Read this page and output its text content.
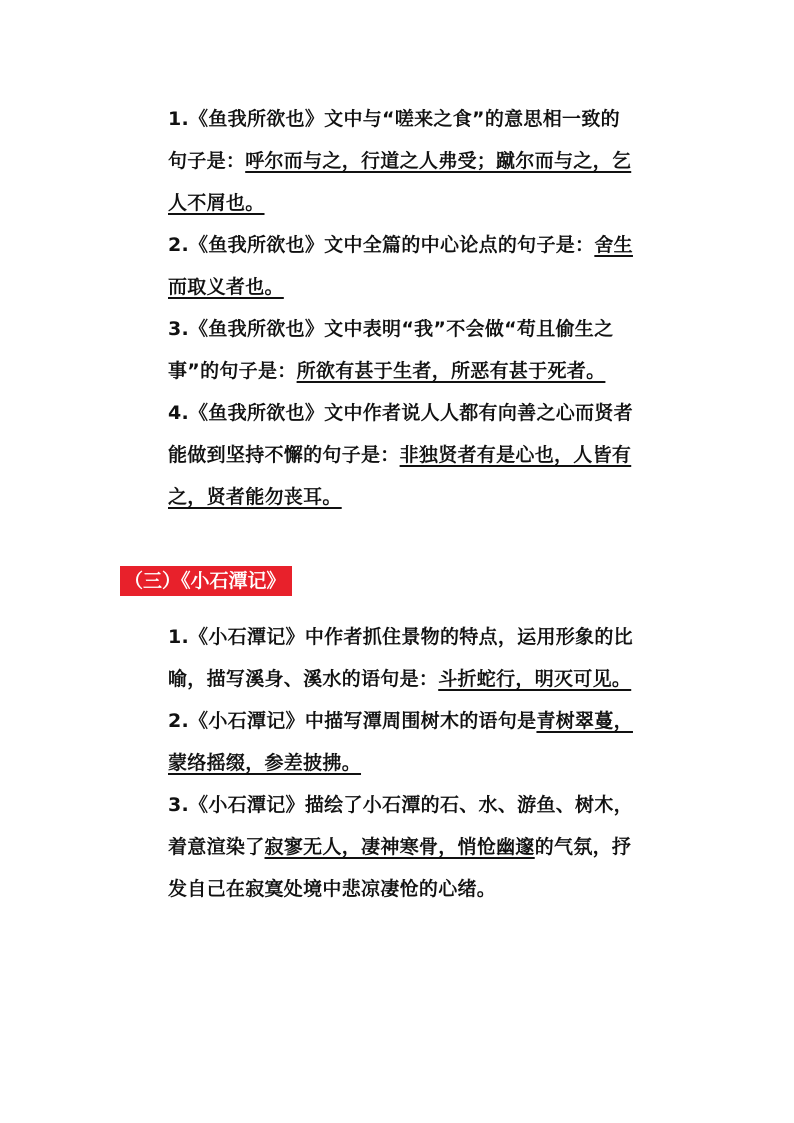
1.《鱼我所欲也》文中与“嗟来之食”的意思相一致的句子是：呼尔而与之，行道之人弗受；蹴尔而与之，乞人不屑也。

2.《鱼我所欲也》文中全篇的中心论点的句子是：舍生而取义者也。

3.《鱼我所欲也》文中表明“我”不会做“苟且偷生之事”的句子是：所欲有甚于生者，所恶有甚于死者。

4.《鱼我所欲也》文中作者说人人都有向善之心而贤者能做到坚持不懈的句子是：非独贤者有是心也，人皆有之，贤者能勿丧耳。

（三）《小石潭记》

1.《小石潭记》中作者抓住景物的特点，运用形象的比喻，描写溪身、溪水的语句是：斗折蛇行，明灭可见。

2.《小石潭记》中描写潭周围树木的语句是青树翠蔓，蒙络摇缀，参差披拂。

3.《小石潭记》描绘了小石潭的石、水、游鱼、树木，着意渲染了寂寥无人，凄神寒骨，悄怆幽邃的气氛，抒发自己在寂寞处境中悲凉凄怆的心绪。
